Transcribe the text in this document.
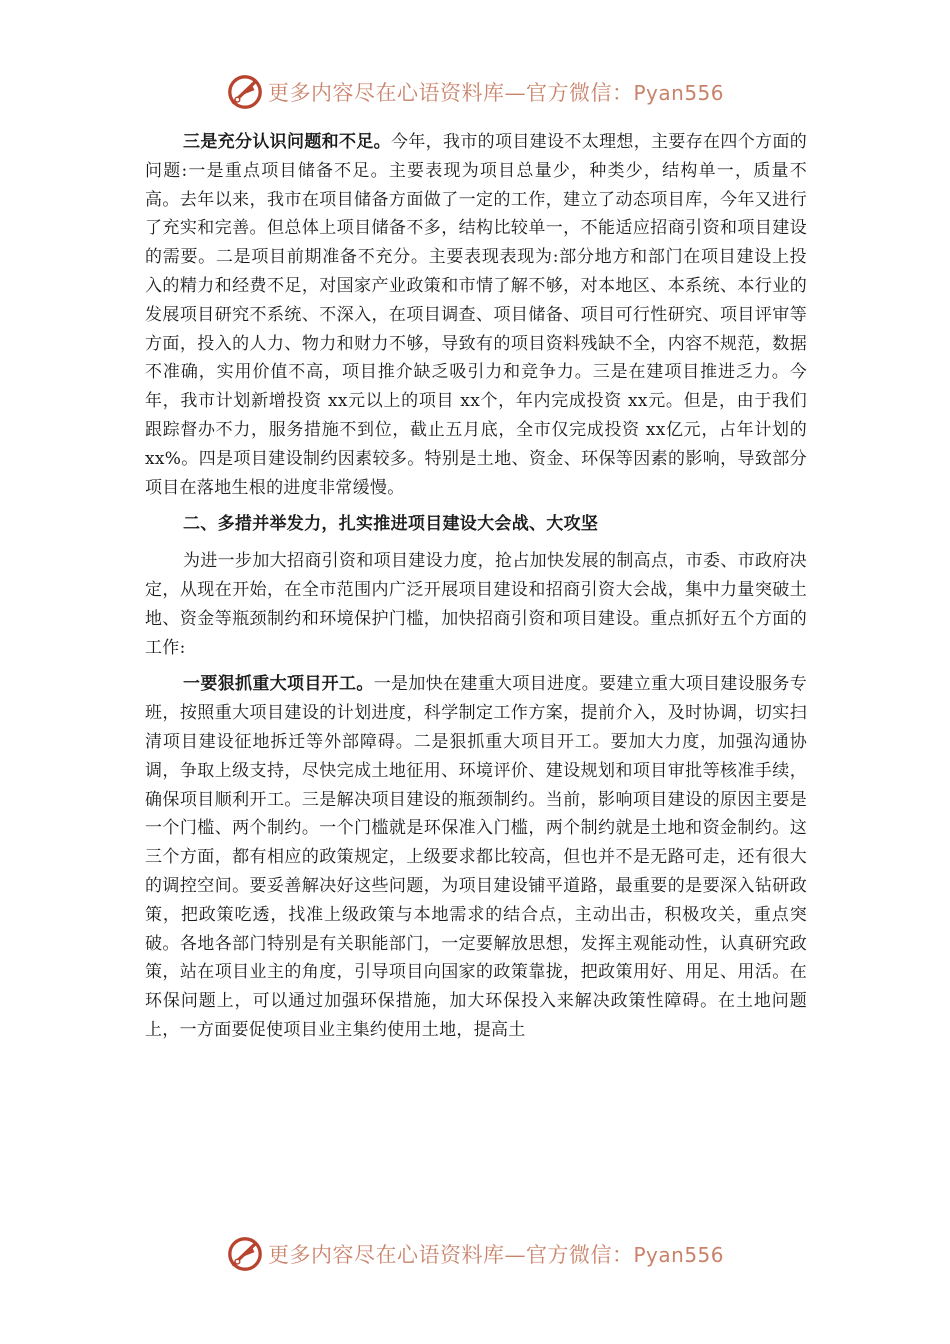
更多内容尽在心语资料库—官方微信：Pyan556

三是充分认识问题和不足。今年，我市的项目建设不太理想，主要存在四个方面的问题:一是重点项目储备不足。主要表现为项目总量少，种类少，结构单一，质量不高。去年以来，我市在项目储备方面做了一定的工作，建立了动态项目库，今年又进行了充实和完善。但总体上项目储备不多，结构比较单一，不能适应招商引资和项目建设的需要。二是项目前期准备不充分。主要表现表现为:部分地方和部门在项目建设上投入的精力和经费不足，对国家产业政策和市情了解不够，对本地区、本系统、本行业的发展项目研究不系统、不深入，在项目调查、项目储备、项目可行性研究、项目评审等方面，投入的人力、物力和财力不够，导致有的项目资料残缺不全，内容不规范，数据不准确，实用价值不高，项目推介缺乏吸引力和竞争力。三是在建项目推进乏力。今年，我市计划新增投资 xx元以上的项目 xx个，年内完成投资 xx元。但是，由于我们跟踪督办不力，服务措施不到位，截止五月底，全市仅完成投资 xx亿元，占年计划的 xx%。四是项目建设制约因素较多。特别是土地、资金、环保等因素的影响，导致部分项目在落地生根的进度非常缓慢。

二、多措并举发力，扎实推进项目建设大会战、大攻坚

为进一步加大招商引资和项目建设力度，抢占加快发展的制高点，市委、市政府决定，从现在开始，在全市范围内广泛开展项目建设和招商引资大会战，集中力量突破土地、资金等瓶颈制约和环境保护门槛，加快招商引资和项目建设。重点抓好五个方面的工作:

一要狠抓重大项目开工。一是加快在建重大项目进度。要建立重大项目建设服务专班，按照重大项目建设的计划进度，科学制定工作方案，提前介入，及时协调，切实扫清项目建设征地拆迁等外部障碍。二是狠抓重大项目开工。要加大力度，加强沟通协调，争取上级支持，尽快完成土地征用、环境评价、建设规划和项目审批等核准手续，确保项目顺利开工。三是解决项目建设的瓶颈制约。当前，影响项目建设的原因主要是一个门槛、两个制约。一个门槛就是环保准入门槛，两个制约就是土地和资金制约。这三个方面，都有相应的政策规定，上级要求都比较高，但也并不是无路可走，还有很大的调控空间。要妥善解决好这些问题，为项目建设铺平道路，最重要的是要深入钻研政策，把政策吃透，找准上级政策与本地需求的结合点，主动出击，积极攻关，重点突破。各地各部门特别是有关职能部门，一定要解放思想，发挥主观能动性，认真研究政策，站在项目业主的角度，引导项目向国家的政策靠拢，把政策用好、用足、用活。在环保问题上，可以通过加强环保措施，加大环保投入来解决政策性障碍。在土地问题上，一方面要促使项目业主集约使用土地，提高土

更多内容尽在心语资料库—官方微信：Pyan556
